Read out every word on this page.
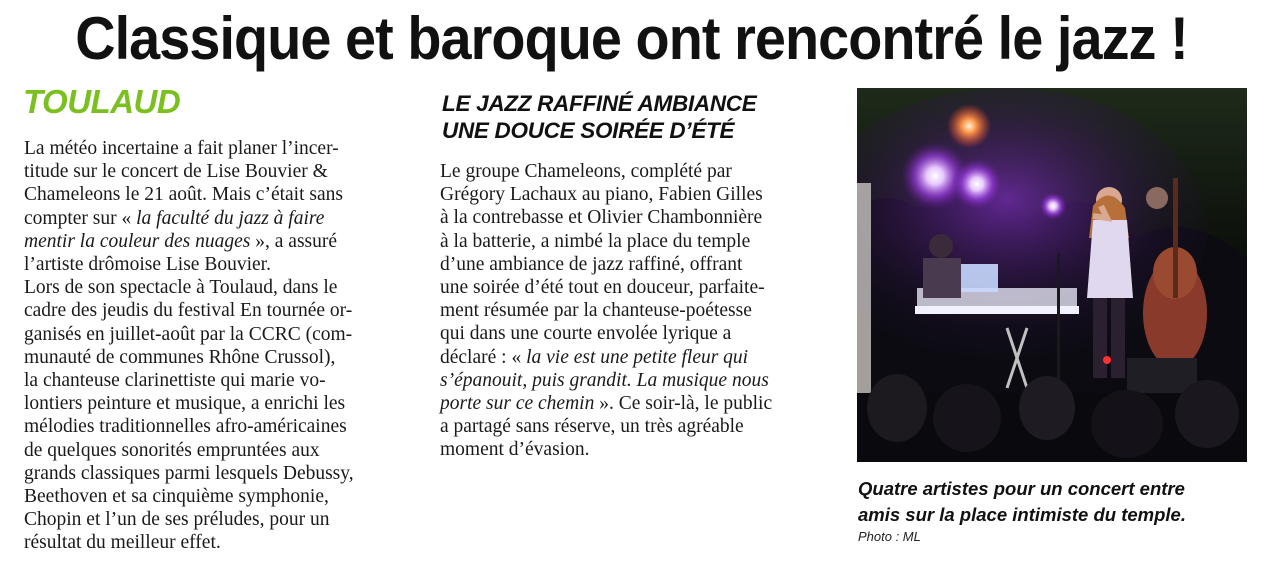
Classique et baroque ont rencontré le jazz !
TOULAUD

La météo incertaine a fait planer l’incer-

titude sur le concert de Lise Bouvier &

Chameleons le 21 août. Mais c’était sans

compter sur « la faculté du jazz à faire

mentir la couleur des nuages », a assuré

l’artiste drômoise Lise Bouvier.

Lors de son spectacle à Toulaud, dans le

cadre des jeudis du festival En tournée or-

ganisés en juillet-août par la CCRC (com-

munauté de communes Rhône Crussol),

la chanteuse clarinettiste qui marie vo-

lontiers peinture et musique, a enrichi les

mélodies traditionnelles afro-américaines

de quelques sonorités empruntées aux

grands classiques parmi lesquels Debussy,

Beethoven et sa cinquième symphonie,

Chopin et l’un de ses préludes, pour un

résultat du meilleur effet.

LE JAZZ RAFFINÉ AMBIANCE
UNE DOUCE SOIRÉE D’ÉTÉ

Le groupe Chameleons, complété par

Grégory Lachaux au piano, Fabien Gilles

à la contrebasse et Olivier Chambonnière

à la batterie, a nimbé la place du temple

d’une ambiance de jazz raffiné, offrant

une soirée d’été tout en douceur, parfaite-

ment résumée par la chanteuse-poétesse

qui dans une courte envolée lyrique a

déclaré : « la vie est une petite fleur qui

s’épanouit, puis grandit. La musique nous

porte sur ce chemin ». Ce soir-là, le public

a partagé sans réserve, un très agréable

moment d’évasion.

Quatre artistes pour un concert entre
amis sur la place intimiste du temple.
Photo : ML
